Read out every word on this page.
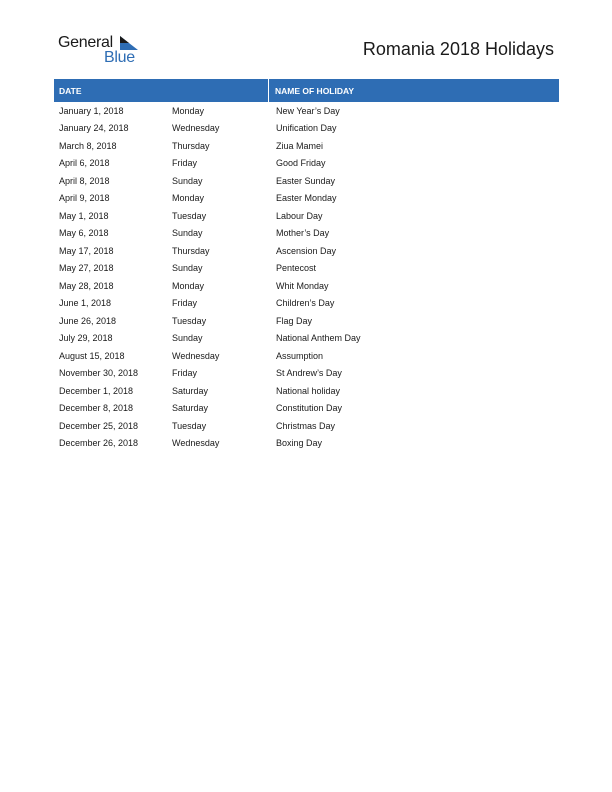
General
Blue	Romania 2018 Holidays
DATE	NAME OF HOLIDAY
January 1, 2018	Monday	New Year’s Day
January 24, 2018	Wednesday	Unification Day
March 8, 2018	Thursday	Ziua Mamei
April 6, 2018	Friday	Good Friday
April 8, 2018	Sunday	Easter Sunday
April 9, 2018	Monday	Easter Monday
May 1, 2018	Tuesday	Labour Day
May 6, 2018	Sunday	Mother’s Day
May 17, 2018	Thursday	Ascension Day
May 27, 2018	Sunday	Pentecost
May 28, 2018	Monday	Whit Monday
June 1, 2018	Friday	Children’s Day
June 26, 2018	Tuesday	Flag Day
July 29, 2018	Sunday	National Anthem Day
August 15, 2018	Wednesday	Assumption
November 30, 2018	Friday	St Andrew’s Day
December 1, 2018	Saturday	National holiday
December 8, 2018	Saturday	Constitution Day
December 25, 2018	Tuesday	Christmas Day
December 26, 2018	Wednesday	Boxing Day
